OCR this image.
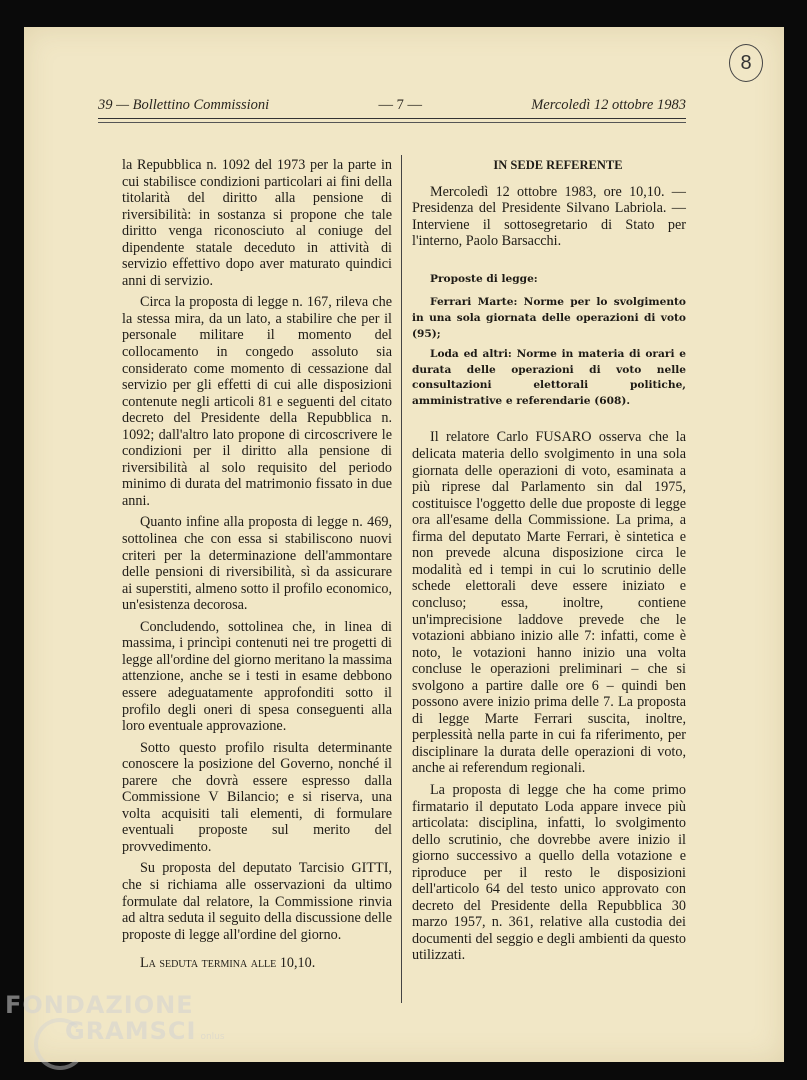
8
39 — Bollettino Commissioni	— 7 —	Mercoledì 12 ottobre 1983

la Repubblica n. 1092 del 1973 per la parte in cui stabilisce condizioni particolari ai fini della titolarità del diritto alla pensione di riversibilità: in sostanza si propone che tale diritto venga riconosciuto al coniuge del dipendente statale deceduto in attività di servizio effettivo dopo aver maturato quindici anni di servizio.

Circa la proposta di legge n. 167, rileva che la stessa mira, da un lato, a stabilire che per il personale militare il momento del collocamento in congedo assoluto sia considerato come momento di cessazione dal servizio per gli effetti di cui alle disposizioni contenute negli articoli 81 e seguenti del citato decreto del Presidente della Repubblica n. 1092; dall'altro lato propone di circoscrivere le condizioni per il diritto alla pensione di riversibilità al solo requisito del periodo minimo di durata del matrimonio fissato in due anni.

Quanto infine alla proposta di legge n. 469, sottolinea che con essa si stabiliscono nuovi criteri per la determinazione dell'ammontare delle pensioni di riversibilità, sì da assicurare ai superstiti, almeno sotto il profilo economico, un'esistenza decorosa.

Concludendo, sottolinea che, in linea di massima, i princìpi contenuti nei tre progetti di legge all'ordine del giorno meritano la massima attenzione, anche se i testi in esame debbono essere adeguatamente approfonditi sotto il profilo degli oneri di spesa conseguenti alla loro eventuale approvazione.

Sotto questo profilo risulta determinante conoscere la posizione del Governo, nonché il parere che dovrà essere espresso dalla Commissione V Bilancio; e si riserva, una volta acquisiti tali elementi, di formulare eventuali proposte sul merito del provvedimento.

Su proposta del deputato Tarcisio GITTI, che si richiama alle osservazioni da ultimo formulate dal relatore, la Commissione rinvia ad altra seduta il seguito della discussione delle proposte di legge all'ordine del giorno.

La seduta termina alle 10,10.

IN SEDE REFERENTE

Mercoledì 12 ottobre 1983, ore 10,10. — Presidenza del Presidente Silvano Labriola. — Interviene il sottosegretario di Stato per l'interno, Paolo Barsacchi.

Proposte di legge:

Ferrari Marte: Norme per lo svolgimento in una sola giornata delle operazioni di voto (95);

Loda ed altri: Norme in materia di orari e durata delle operazioni di voto nelle consultazioni elettorali politiche, amministrative e referendarie (608).

Il relatore Carlo FUSARO osserva che la delicata materia dello svolgimento in una sola giornata delle operazioni di voto, esaminata a più riprese dal Parlamento sin dal 1975, costituisce l'oggetto delle due proposte di legge ora all'esame della Commissione. La prima, a firma del deputato Marte Ferrari, è sintetica e non prevede alcuna disposizione circa le modalità ed i tempi in cui lo scrutinio delle schede elettorali deve essere iniziato e concluso; essa, inoltre, contiene un'imprecisione laddove prevede che le votazioni abbiano inizio alle 7: infatti, come è noto, le votazioni hanno inizio una volta concluse le operazioni preliminari – che si svolgono a partire dalle ore 6 – quindi ben possono avere inizio prima delle 7. La proposta di legge Marte Ferrari suscita, inoltre, perplessità nella parte in cui fa riferimento, per disciplinare la durata delle operazioni di voto, anche ai referendum regionali.

La proposta di legge che ha come primo firmatario il deputato Loda appare invece più articolata: disciplina, infatti, lo svolgimento dello scrutinio, che dovrebbe avere inizio il giorno successivo a quello della votazione e riproduce per il resto le disposizioni dell'articolo 64 del testo unico approvato con decreto del Presidente della Repubblica 30 marzo 1957, n. 361, relative alla custodia dei documenti del seggio e degli ambienti da questo utilizzati.

FONDAZIONE
GRAMSCI onlus
